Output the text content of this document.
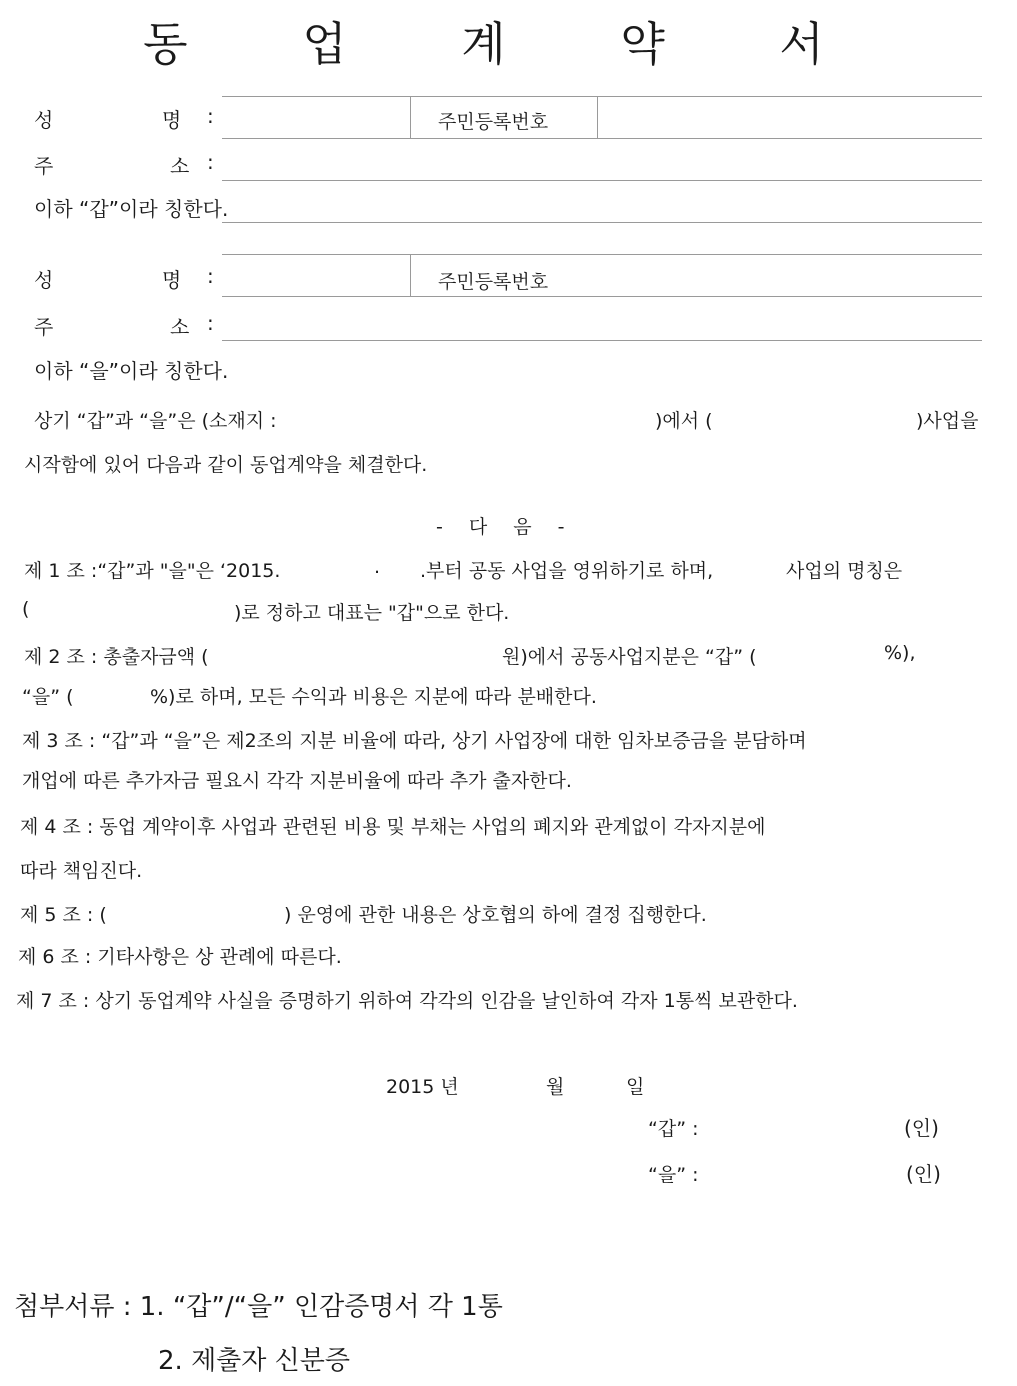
동 업 계 약 서
성	명 :	주민등록번호
주	소 :
이하 “갑”이라 칭한다.
성	명 :	주민등록번호
주	소 :
이하 “을”이라 칭한다.
상기 “갑”과 “을”은 (소재지 :	)에서 (	)사업을
시작함에 있어 다음과 같이 동업계약을 체결한다.
- 다 음 -
제 1 조 :“갑”과 "을"은 ‘2015.	. .부터 공동 사업을 영위하기로 하며,	사업의 명칭은
(	)로 정하고 대표는 "갑"으로 한다.
제 2 조 : 총출자금액 (	원)에서 공동사업지분은 “갑” (	%),
“을” (	%)로 하며, 모든 수익과 비용은 지분에 따라 분배한다.
제 3 조 : “갑”과 “을”은 제2조의 지분 비율에 따라, 상기 사업장에 대한 임차보증금을 분담하며
개업에 따른 추가자금 필요시 각각 지분비율에 따라 추가 출자한다.
제 4 조 : 동업 계약이후 사업과 관련된 비용 및 부채는 사업의 폐지와 관계없이 각자지분에
따라 책임진다.
제 5 조 : (	) 운영에 관한 내용은 상호협의 하에 결정 집행한다.
제 6 조 : 기타사항은 상 관례에 따른다.
제 7 조 : 상기 동업계약 사실을 증명하기 위하여 각각의 인감을 날인하여 각자 1통씩 보관한다.
2015 년	월	일
“갑” :	(인)
“을” :	(인)
첨부서류 : 1. “갑”/“을” 인감증명서 각 1통
2. 제출자 신분증
